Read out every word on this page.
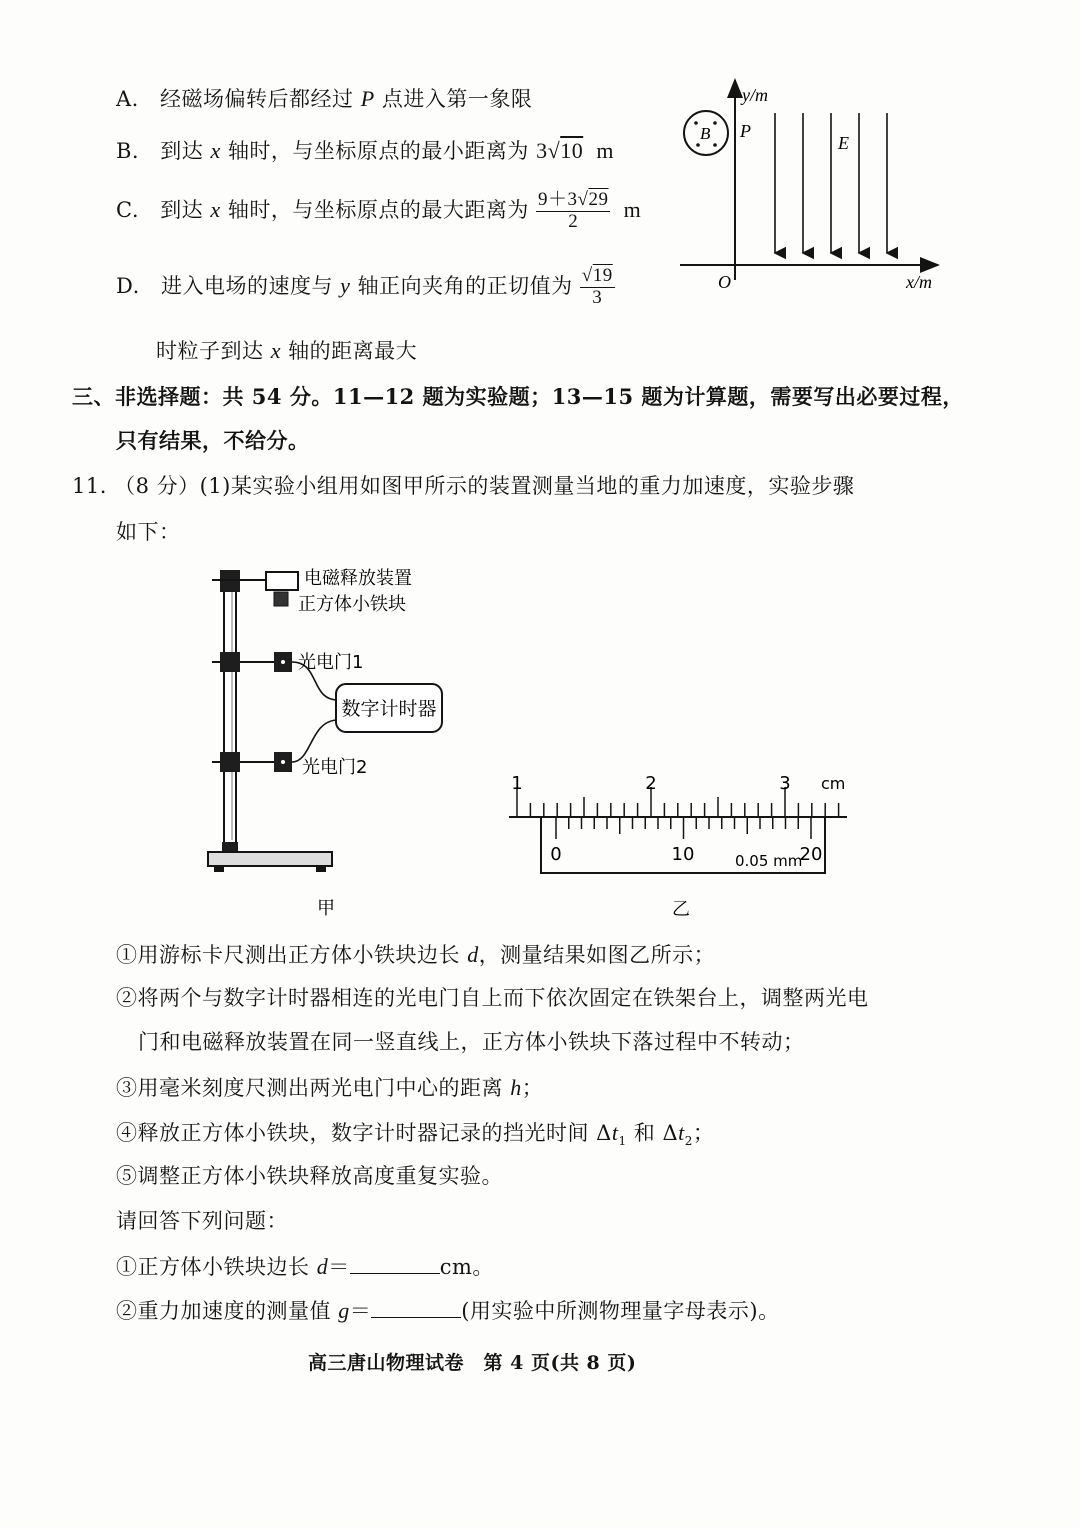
A. 经磁场偏转后都经过 P 点进入第一象限
B. 到达 x 轴时，与坐标原点的最小距离为 3√10 m
C. 到达 x 轴时，与坐标原点的最大距离为 $\frac{9+3√29}{2}$ m
D. 进入电场的速度与 y 轴正向夹角的正切值为 $\frac{√19}{3}$
时粒子到达 x 轴的距离最大
y/m
x/m
O
B P
E
三、非选择题：共 54 分。11—12 题为实验题；13—15 题为计算题，需要写出必要过程，
只有结果，不给分。
11. （8 分）(1)某实验小组用如图甲所示的装置测量当地的重力加速度，实验步骤
如下：
数字计时器
电磁释放装置
正方体小铁块
光电门1
光电门2
甲
1	2	3 cm
0	10	20
0.05 mm
乙
①用游标卡尺测出正方体小铁块边长 d，测量结果如图乙所示；
②将两个与数字计时器相连的光电门自上而下依次固定在铁架台上，调整两光电
门和电磁释放装置在同一竖直线上，正方体小铁块下落过程中不转动；
③用毫米刻度尺测出两光电门中心的距离 h；
④释放正方体小铁块，数字计时器记录的挡光时间 $\Delta t_1$ 和 $\Delta t_2$；
⑤调整正方体小铁块释放高度重复实验。
请回答下列问题：
①正方体小铁块边长 d＝	cm。
②重力加速度的测量值 g＝	(用实验中所测物理量字母表示)。
高三唐山物理试卷　第 4 页(共 8 页)
